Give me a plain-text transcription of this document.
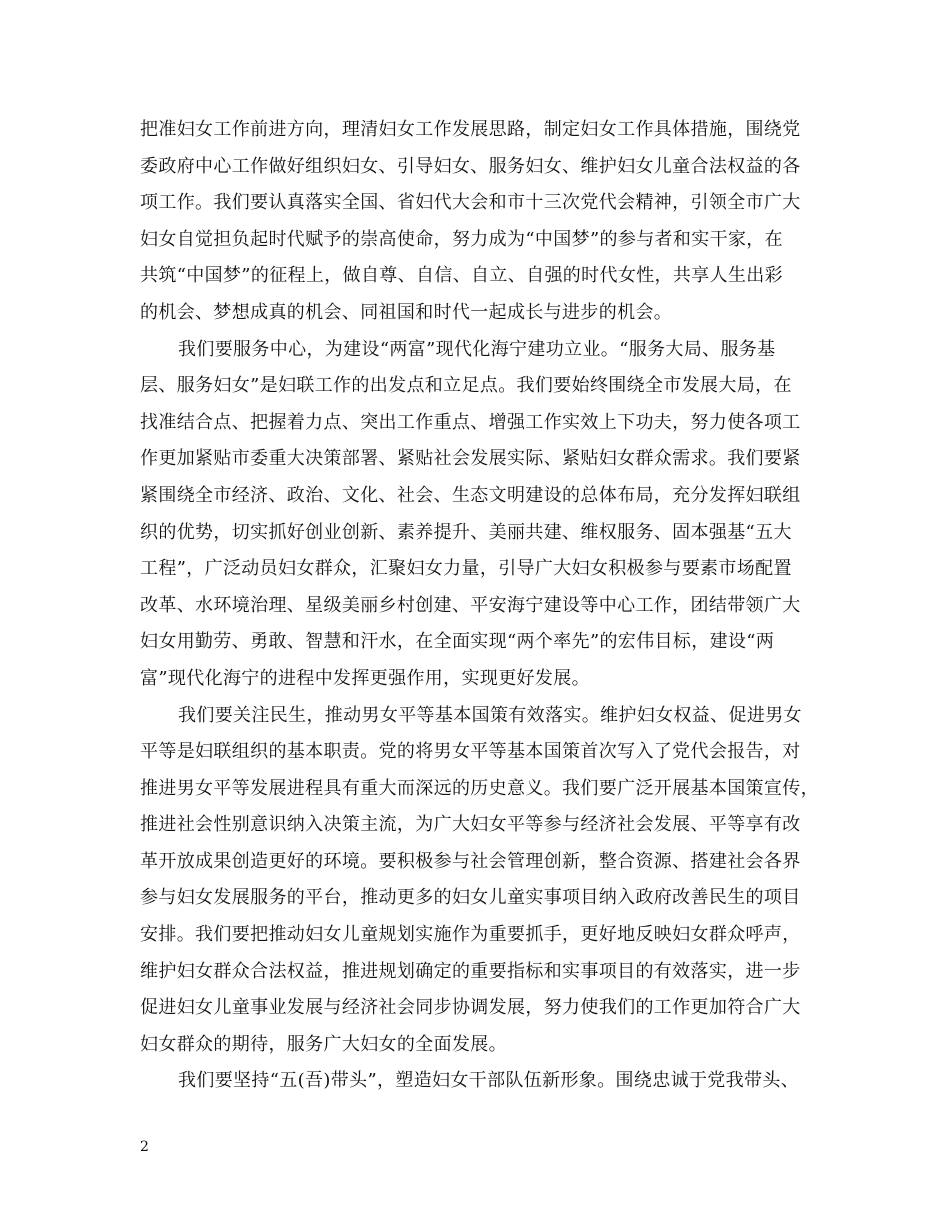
把准妇女工作前进方向，理清妇女工作发展思路，制定妇女工作具体措施，围绕党
委政府中心工作做好组织妇女、引导妇女、服务妇女、维护妇女儿童合法权益的各
项工作。我们要认真落实全国、省妇代大会和市十三次党代会精神，引领全市广大
妇女自觉担负起时代赋予的崇高使命，努力成为“中国梦”的参与者和实干家，在
共筑“中国梦”的征程上，做自尊、自信、自立、自强的时代女性，共享人生出彩
的机会、梦想成真的机会、同祖国和时代一起成长与进步的机会。
我们要服务中心，为建设“两富”现代化海宁建功立业。“服务大局、服务基
层、服务妇女”是妇联工作的出发点和立足点。我们要始终围绕全市发展大局，在
找准结合点、把握着力点、突出工作重点、增强工作实效上下功夫，努力使各项工
作更加紧贴市委重大决策部署、紧贴社会发展实际、紧贴妇女群众需求。我们要紧
紧围绕全市经济、政治、文化、社会、生态文明建设的总体布局，充分发挥妇联组
织的优势，切实抓好创业创新、素养提升、美丽共建、维权服务、固本强基“五大
工程”，广泛动员妇女群众，汇聚妇女力量，引导广大妇女积极参与要素市场配置
改革、水环境治理、星级美丽乡村创建、平安海宁建设等中心工作，团结带领广大
妇女用勤劳、勇敢、智慧和汗水，在全面实现“两个率先”的宏伟目标，建设“两
富”现代化海宁的进程中发挥更强作用，实现更好发展。
我们要关注民生，推动男女平等基本国策有效落实。维护妇女权益、促进男女
平等是妇联组织的基本职责。党的将男女平等基本国策首次写入了党代会报告，对
推进男女平等发展进程具有重大而深远的历史意义。我们要广泛开展基本国策宣传，
推进社会性别意识纳入决策主流，为广大妇女平等参与经济社会发展、平等享有改
革开放成果创造更好的环境。要积极参与社会管理创新，整合资源、搭建社会各界
参与妇女发展服务的平台，推动更多的妇女儿童实事项目纳入政府改善民生的项目
安排。我们要把推动妇女儿童规划实施作为重要抓手，更好地反映妇女群众呼声，
维护妇女群众合法权益，推进规划确定的重要指标和实事项目的有效落实，进一步
促进妇女儿童事业发展与经济社会同步协调发展，努力使我们的工作更加符合广大
妇女群众的期待，服务广大妇女的全面发展。
我们要坚持“五(吾)带头”，塑造妇女干部队伍新形象。围绕忠诚于党我带头、
2
